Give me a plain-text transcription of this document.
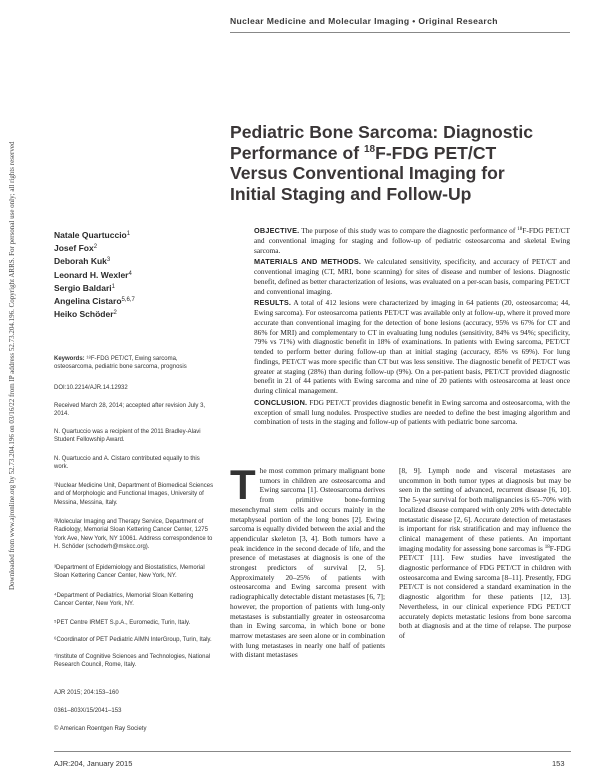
Downloaded from www.ajronline.org by 52.73.204.196 on 03/16/22 from IP address 52.73.204.196. Copyright ARRS. For personal use only; all rights reserved
Nuclear Medicine and Molecular Imaging • Original Research
Pediatric Bone Sarcoma: Diagnostic
Performance of $^{18}$F-FDG PET/CT
Versus Conventional Imaging for
Initial Staging and Follow-Up
Natale Quartuccio$^1$
Josef Fox$^2$
Deborah Kuk$^3$
Leonard H. Wexler$^4$
Sergio Baldari$^1$
Angelina Cistaro$^{5,6,7}$
Heiko Schöder$^2$
Keywords: ¹⁸F-FDG PET/CT, Ewing sarcoma, osteosarcoma, pediatric bone sarcoma, prognosis
DOI:10.2214/AJR.14.12932
Received March 28, 2014; accepted after revision July 3, 2014.
N. Quartuccio was a recipient of the 2011 Bradley-Alavi Student Fellowship Award.
N. Quartuccio and A. Cistaro contributed equally to this work.
¹Nuclear Medicine Unit, Department of Biomedical Sciences and of Morphologic and Functional Images, University of Messina, Messina, Italy.
²Molecular Imaging and Therapy Service, Department of Radiology, Memorial Sloan Kettering Cancer Center, 1275 York Ave, New York, NY 10061. Address correspondence to H. Schöder (schoderh@mskcc.org).
³Department of Epidemiology and Biostatistics, Memorial Sloan Kettering Cancer Center, New York, NY.
⁴Department of Pediatrics, Memorial Sloan Kettering Cancer Center, New York, NY.
⁵PET Centre IRMET S.p.A., Euromedic, Turin, Italy.
⁶Coordinator of PET Pediatric AIMN InterGroup, Turin, Italy.
⁷Institute of Cognitive Sciences and Technologies, National Research Council, Rome, Italy.
AJR 2015; 204:153–160
0361–803X/15/2041–153
© American Roentgen Ray Society

OBJECTIVE. The purpose of this study was to compare the diagnostic performance of $^{18}$F-FDG PET/CT and conventional imaging for staging and follow-up of pediatric osteosarcoma and skeletal Ewing sarcoma.

MATERIALS AND METHODS. We calculated sensitivity, specificity, and accuracy of PET/CT and conventional imaging (CT, MRI, bone scanning) for sites of disease and number of lesions. Diagnostic benefit, defined as better characterization of lesions, was evaluated on a per-scan basis, comparing PET/CT and conventional imaging.

RESULTS. A total of 412 lesions were characterized by imaging in 64 patients (20, osteosarcoma; 44, Ewing sarcoma). For osteosarcoma patients PET/CT was available only at follow-up, where it proved more accurate than conventional imaging for the detection of bone lesions (accuracy, 95% vs 67% for CT and 86% for MRI) and complementary to CT in evaluating lung nodules (sensitivity, 84% vs 94%; specificity, 79% vs 71%) with diagnostic benefit in 18% of examinations. In patients with Ewing sarcoma, PET/CT tended to perform better during follow-up than at initial staging (accuracy, 85% vs 69%). For lung findings, PET/CT was more specific than CT but was less sensitive. The diagnostic benefit of PET/CT was greater at staging (28%) than during follow-up (9%). On a per-patient basis, PET/CT provided diagnostic benefit in 21 of 44 patients with Ewing sarcoma and nine of 20 patients with osteosarcoma at least once during clinical management.

CONCLUSION. FDG PET/CT provides diagnostic benefit in Ewing sarcoma and osteosarcoma, with the exception of small lung nodules. Prospective studies are needed to define the best imaging algorithm and combination of tests in the staging and follow-up of patients with pediatric bone sarcoma.

The most common primary malignant bone tumors in children are osteosarcoma and Ewing sarcoma [1]. Osteosarcoma derives from primitive bone-forming mesenchymal stem cells and occurs mainly in the metaphyseal portion of the long bones [2]. Ewing sarcoma is equally divided between the axial and the appendicular skeleton [3, 4]. Both tumors have a peak incidence in the second decade of life, and the presence of metastases at diagnosis is one of the strongest predictors of survival [2, 5]. Approximately 20–25% of patients with osteosarcoma and Ewing sarcoma present with radiographically detectable distant metastases [6, 7]; however, the proportion of patients with lung-only metastases is substantially greater in osteosarcoma than in Ewing sarcoma, in which bone or bone marrow metastases are seen alone or in combination with lung metastases in nearly one half of patients with distant metastases
[8, 9]. Lymph node and visceral metastases are uncommon in both tumor types at diagnosis but may be seen in the setting of advanced, recurrent disease [6, 10]. The 5-year survival for both malignancies is 65–70% with localized disease compared with only 20% with detectable metastatic disease [2, 6]. Accurate detection of metastases is important for risk stratification and may influence the clinical management of these patients. An important imaging modality for assessing bone sarcomas is $^{18}$F-FDG PET/CT [11]. Few studies have investigated the diagnostic performance of FDG PET/CT in children with osteosarcoma and Ewing sarcoma [8–11]. Presently, FDG PET/CT is not considered a standard examination in the diagnostic algorithm for these patients [12, 13]. Nevertheless, in our clinical experience FDG PET/CT accurately depicts metastatic lesions from bone sarcoma both at diagnosis and at the time of relapse. The purpose of
AJR:204, January 2015	153
